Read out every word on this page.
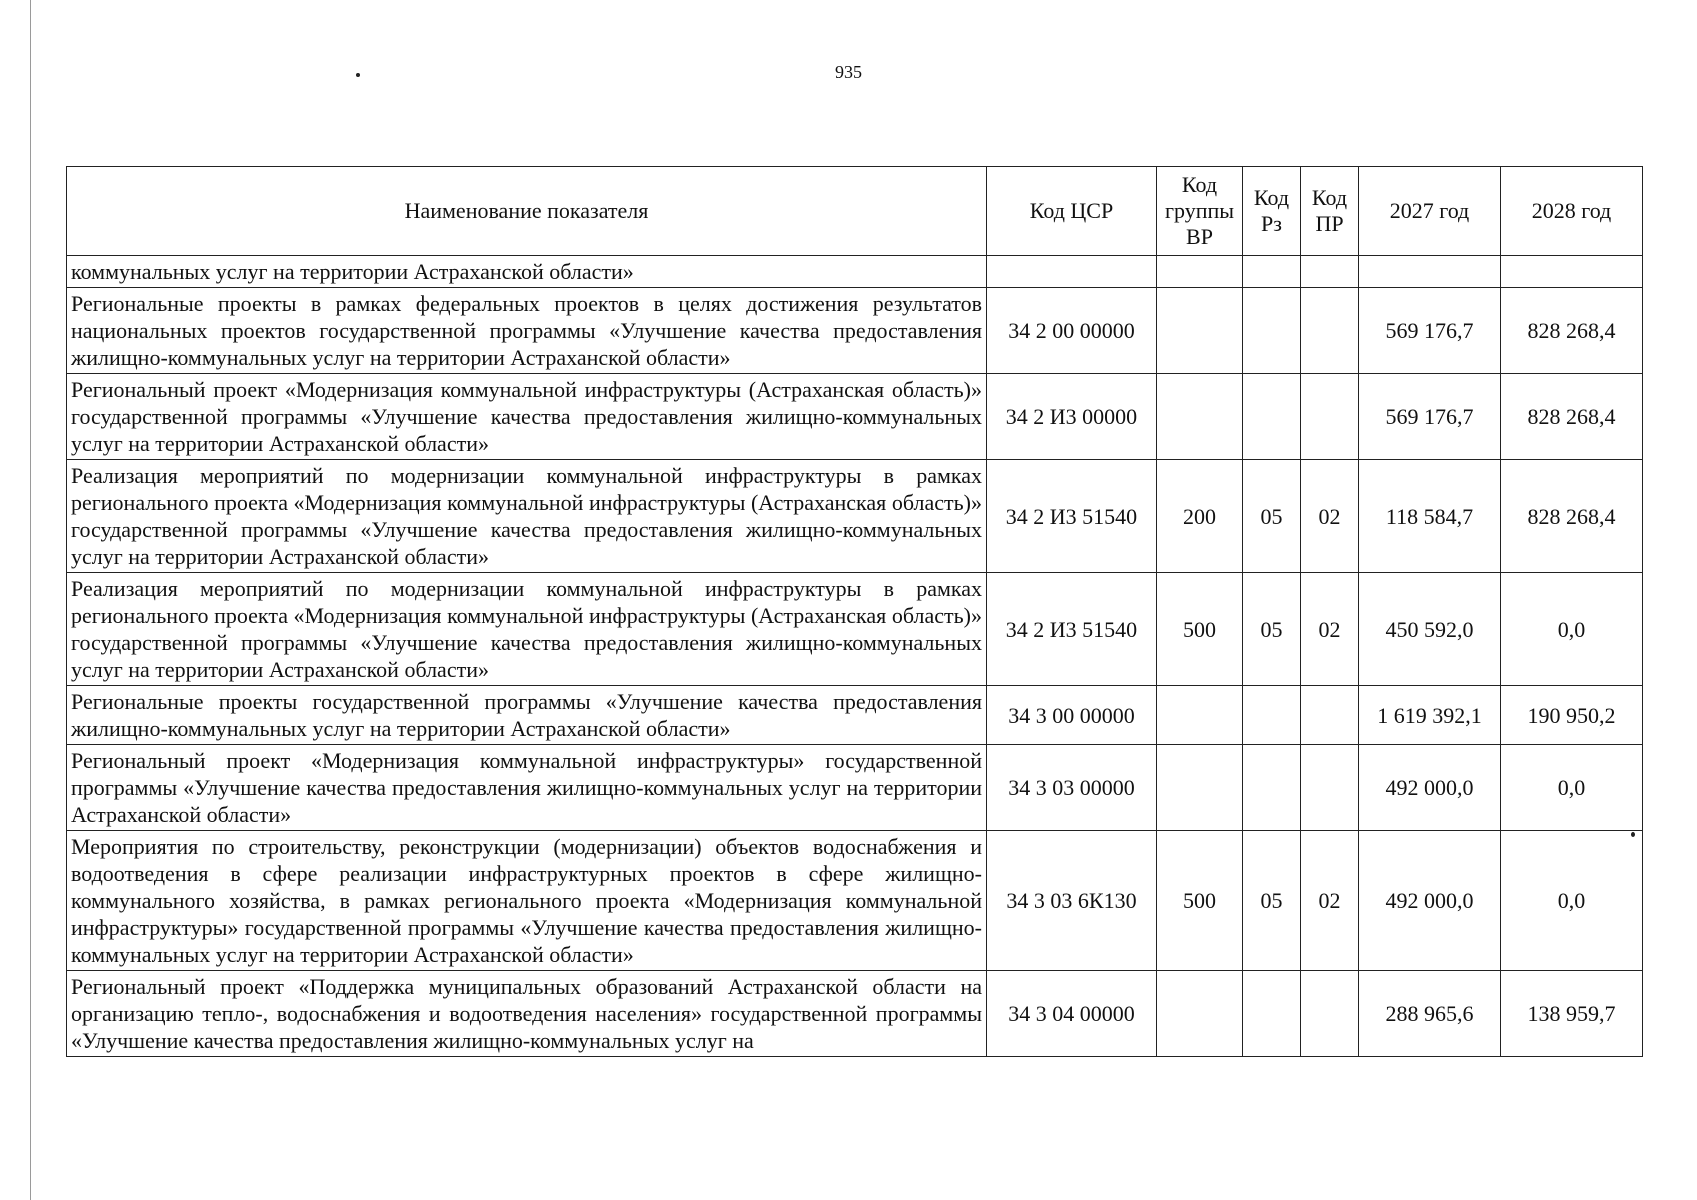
935
Наименование показателя	Код ЦСР	Код группы ВР	Код Рз	Код ПР	2027 год	2028 год
коммунальных услуг на территории Астраханской области»						
Региональные проекты в рамках федеральных проектов в целях достижения результатов национальных проектов государственной программы «Улучшение качества предоставления жилищно-коммунальных услуг на территории Астраханской области»	34 2 00 00000				569 176,7	828 268,4
Региональный проект «Модернизация коммунальной инфраструктуры (Астраханская область)» государственной программы «Улучшение качества предоставления жилищно-коммунальных услуг на территории Астраханской области»	34 2 И3 00000				569 176,7	828 268,4
Реализация мероприятий по модернизации коммунальной инфраструктуры в рамках регионального проекта «Модернизация коммунальной инфраструктуры (Астраханская область)» государственной программы «Улучшение качества предоставления жилищно-коммунальных услуг на территории Астраханской области»	34 2 И3 51540	200	05	02	118 584,7	828 268,4
Реализация мероприятий по модернизации коммунальной инфраструктуры в рамках регионального проекта «Модернизация коммунальной инфраструктуры (Астраханская область)» государственной программы «Улучшение качества предоставления жилищно-коммунальных услуг на территории Астраханской области»	34 2 И3 51540	500	05	02	450 592,0	0,0
Региональные проекты государственной программы «Улучшение качества предоставления жилищно-коммунальных услуг на территории Астраханской области»	34 3 00 00000				1 619 392,1	190 950,2
Региональный проект «Модернизация коммунальной инфраструктуры» государственной программы «Улучшение качества предоставления жилищно-коммунальных услуг на территории Астраханской области»	34 3 03 00000				492 000,0	0,0
Мероприятия по строительству, реконструкции (модернизации) объектов водоснабжения и водоотведения в сфере реализации инфраструктурных проектов в сфере жилищно-коммунального хозяйства, в рамках регионального проекта «Модернизация коммунальной инфраструктуры» государственной программы «Улучшение качества предоставления жилищно-коммунальных услуг на территории Астраханской области»	34 3 03 6К130	500	05	02	492 000,0	0,0
Региональный проект «Поддержка муниципальных образований Астраханской области на организацию тепло-, водоснабжения и водоотведения населения» государственной программы «Улучшение качества предоставления жилищно-коммунальных услуг на	34 3 04 00000				288 965,6	138 959,7
